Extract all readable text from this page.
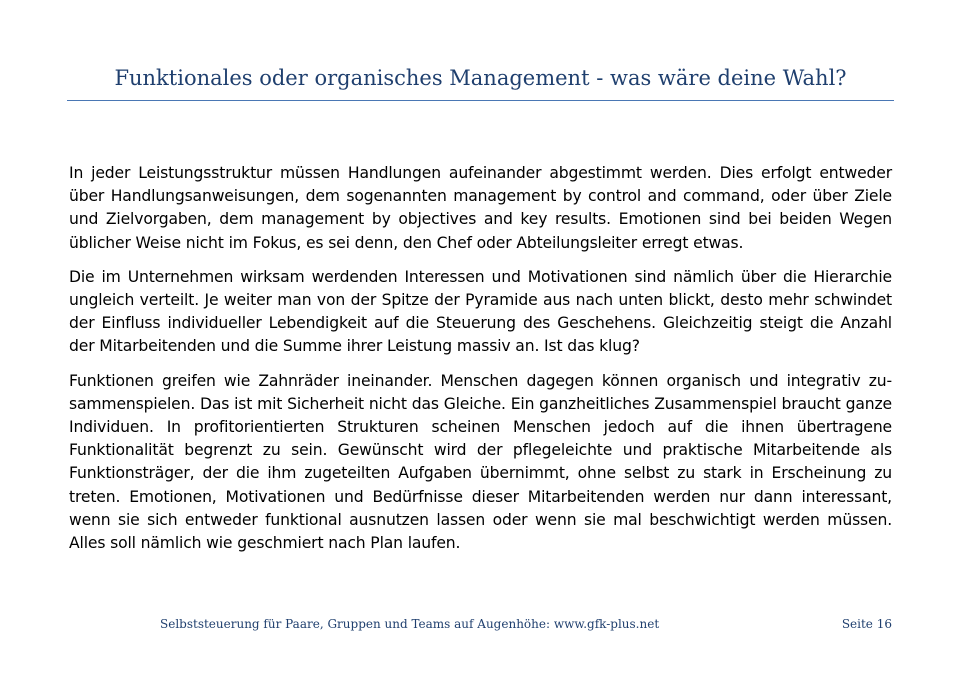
Funktionales oder organisches Management - was wäre deine Wahl?

In jeder Leistungsstruktur müssen Handlungen aufeinander abgestimmt werden. Dies erfolgt entweder über Handlungsanweisungen, dem sogenannten management by control and command, oder über Ziele und Zielvorgaben, dem management by objectives and key results. Emotionen sind bei beiden Wegen üblicher Weise nicht im Fokus, es sei denn, den Chef oder Abteilungsleiter erregt etwas.

Die im Unternehmen wirksam werdenden Interessen und Motivationen sind nämlich über die Hierarchie ungleich verteilt. Je weiter man von der Spitze der Pyramide aus nach unten blickt, desto mehr schwindet der Einfluss individueller Lebendigkeit auf die Steuerung des Geschehens. Gleichzeitig steigt die Anzahl der Mitarbeitenden und die Summe ihrer Leistung massiv an. Ist das klug?

Funktionen greifen wie Zahnräder ineinander. Menschen dagegen können organisch und integrativ zu-sammenspielen. Das ist mit Sicherheit nicht das Gleiche. Ein ganzheitliches Zusammenspiel braucht ganze Individuen. In profitorientierten Strukturen scheinen Menschen jedoch auf die ihnen übertragene Funktionalität begrenzt zu sein. Gewünscht wird der pflegeleichte und praktische Mitarbeitende als Funktionsträger, der die ihm zugeteilten Aufgaben übernimmt, ohne selbst zu stark in Erscheinung zu treten. Emotionen, Motivationen und Bedürfnisse dieser Mitarbeitenden werden nur dann interessant, wenn sie sich entweder funktional ausnutzen lassen oder wenn sie mal beschwichtigt werden müssen. Alles soll nämlich wie geschmiert nach Plan laufen.

Selbststeuerung für Paare, Gruppen und Teams auf Augenhöhe: www.gfk-plus.net	Seite 16
